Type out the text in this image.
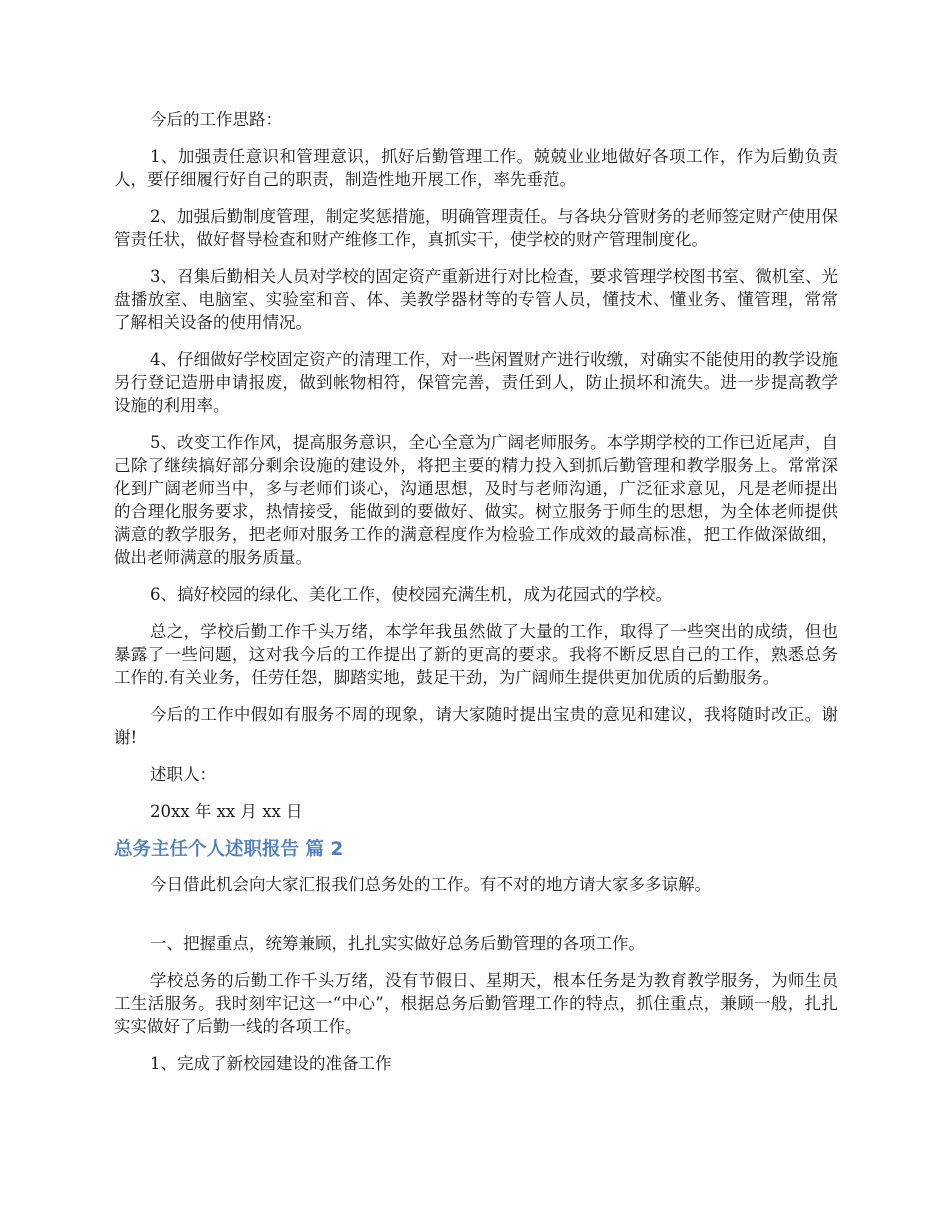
今后的工作思路：

1、加强责任意识和管理意识，抓好后勤管理工作。兢兢业业地做好各项工作，作为后勤负责人，要仔细履行好自己的职责，制造性地开展工作，率先垂范。

2、加强后勤制度管理，制定奖惩措施，明确管理责任。与各块分管财务的老师签定财产使用保管责任状，做好督导检查和财产维修工作，真抓实干，使学校的财产管理制度化。

3、召集后勤相关人员对学校的固定资产重新进行对比检查，要求管理学校图书室、微机室、光盘播放室、电脑室、实验室和音、体、美教学器材等的专管人员，懂技术、懂业务、懂管理，常常了解相关设备的使用情况。

4、仔细做好学校固定资产的清理工作，对一些闲置财产进行收缴，对确实不能使用的教学设施另行登记造册申请报废，做到帐物相符，保管完善，责任到人，防止损坏和流失。进一步提高教学设施的利用率。

5、改变工作作风，提高服务意识，全心全意为广阔老师服务。本学期学校的工作已近尾声，自己除了继续搞好部分剩余设施的建设外，将把主要的精力投入到抓后勤管理和教学服务上。常常深化到广阔老师当中，多与老师们谈心，沟通思想，及时与老师沟通，广泛征求意见，凡是老师提出的合理化服务要求，热情接受，能做到的要做好、做实。树立服务于师生的思想，为全体老师提供满意的教学服务，把老师对服务工作的满意程度作为检验工作成效的最高标准，把工作做深做细，做出老师满意的服务质量。

6、搞好校园的绿化、美化工作，使校园充满生机，成为花园式的学校。

总之，学校后勤工作千头万绪，本学年我虽然做了大量的工作，取得了一些突出的成绩，但也暴露了一些问题，这对我今后的工作提出了新的更高的要求。我将不断反思自己的工作，熟悉总务工作的.有关业务，任劳任怨，脚踏实地，鼓足干劲，为广阔师生提供更加优质的后勤服务。

今后的工作中假如有服务不周的现象，请大家随时提出宝贵的意见和建议，我将随时改正。谢谢!

述职人：

20xx 年 xx 月 xx 日

总务主任个人述职报告 篇 2

今日借此机会向大家汇报我们总务处的工作。有不对的地方请大家多多谅解。

一、把握重点，统筹兼顾，扎扎实实做好总务后勤管理的各项工作。

学校总务的后勤工作千头万绪，没有节假日、星期天，根本任务是为教育教学服务，为师生员工生活服务。我时刻牢记这一“中心”，根据总务后勤管理工作的特点，抓住重点，兼顾一般，扎扎实实做好了后勤一线的各项工作。

1、完成了新校园建设的准备工作
